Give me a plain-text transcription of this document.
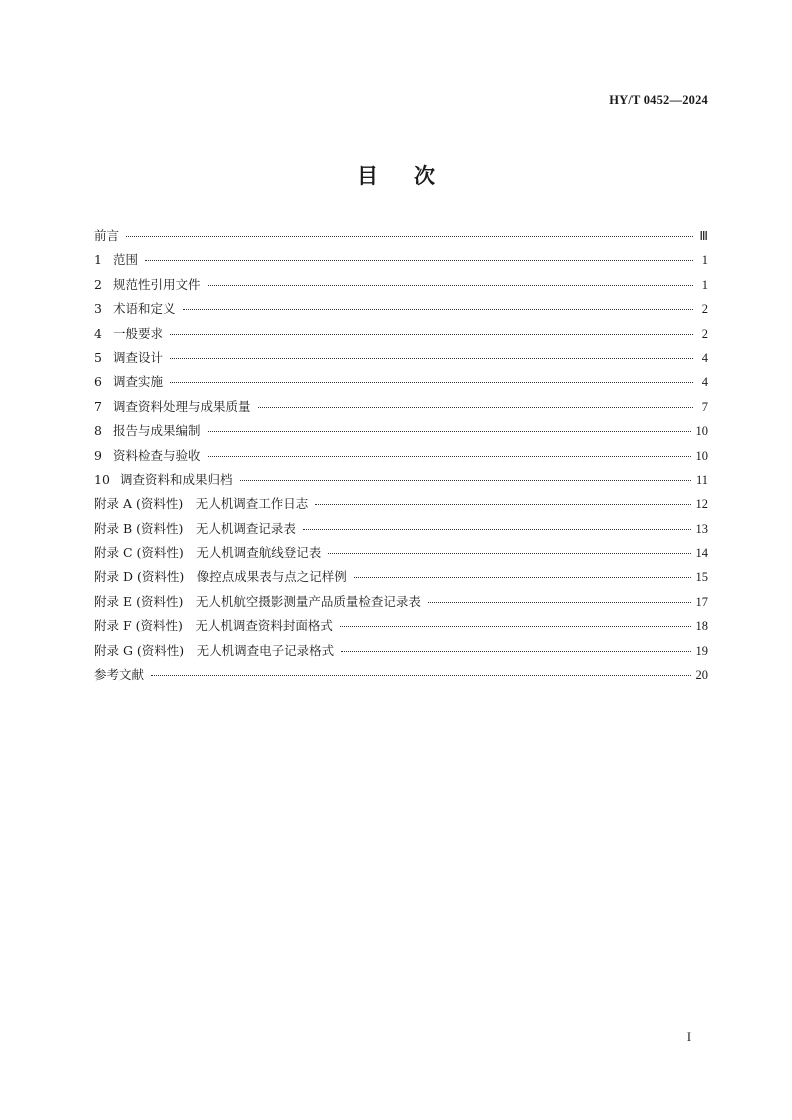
HY/T 0452—2024
目 次
前言	Ⅲ
1 范围	1
2 规范性引用文件	1
3 术语和定义	2
4 一般要求	2
5 调查设计	4
6 调查实施	4
7 调查资料处理与成果质量	7
8 报告与成果编制	10
9 资料检查与验收	10
10 调查资料和成果归档	11
附录 A (资料性)　无人机调查工作日志	12
附录 B (资料性)　无人机调查记录表	13
附录 C (资料性)　无人机调查航线登记表	14
附录 D (资料性)　像控点成果表与点之记样例	15
附录 E (资料性)　无人机航空摄影测量产品质量检查记录表	17
附录 F (资料性)　无人机调查资料封面格式	18
附录 G (资料性)　无人机调查电子记录格式	19
参考文献	20
I
